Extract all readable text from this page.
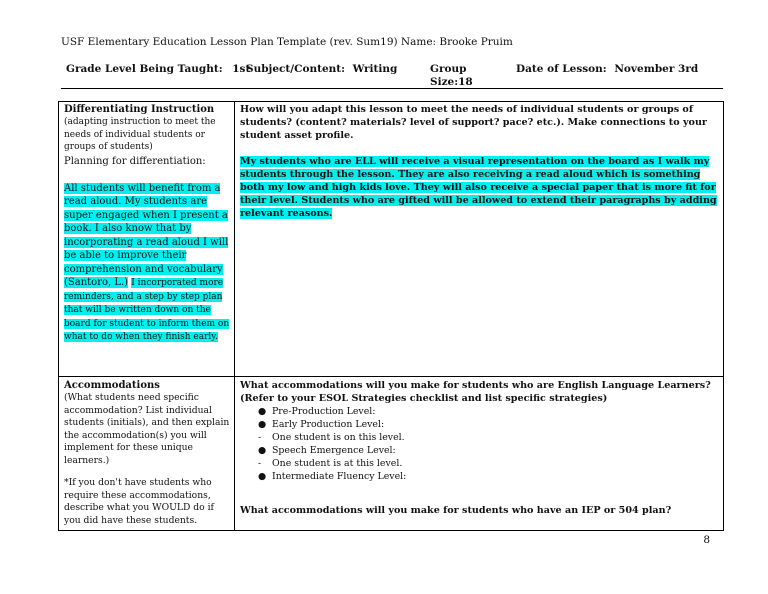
USF Elementary Education Lesson Plan Template (rev. Sum19) Name: Brooke Pruim
Grade Level Being Taught: 1st
Subject/Content: Writing	Group
Size:18
Date of Lesson: November 3rd
Differentiating Instruction
(adapting instruction to meet the needs of individual students or groups of students)
Planning for differentiation:
All students will benefit from a read aloud. My students are super engaged when I present a book. I also know that by incorporating a read aloud I will be able to improve their comprehension and vocabulary (Santoro, L.) I incorporated more reminders, and a step by step plan that will be written down on the board for student to inform them on what to do when they finish early.
How will you adapt this lesson to meet the needs of individual students or groups of students? (content? materials? level of support? pace? etc.). Make connections to your student asset profile.
My students who are ELL will receive a visual representation on the board as I walk my students through the lesson. They are also receiving a read aloud which is something both my low and high kids love. They will also receive a special paper that is more fit for their level. Students who are gifted will be allowed to extend their paragraphs by adding relevant reasons.
Accommodations
(What students need specific accommodation? List individual students (initials), and then explain the accommodation(s) you will implement for these unique learners.)
*If you don't have students who require these accommodations, describe what you WOULD do if you did have these students.
What accommodations will you make for students who are English Language Learners? (Refer to your ESOL Strategies checklist and list specific strategies)
● Pre-Production Level:
● Early Production Level:
- One student is on this level.
● Speech Emergence Level:
- One student is at this level.
● Intermediate Fluency Level:
What accommodations will you make for students who have an IEP or 504 plan?
8
